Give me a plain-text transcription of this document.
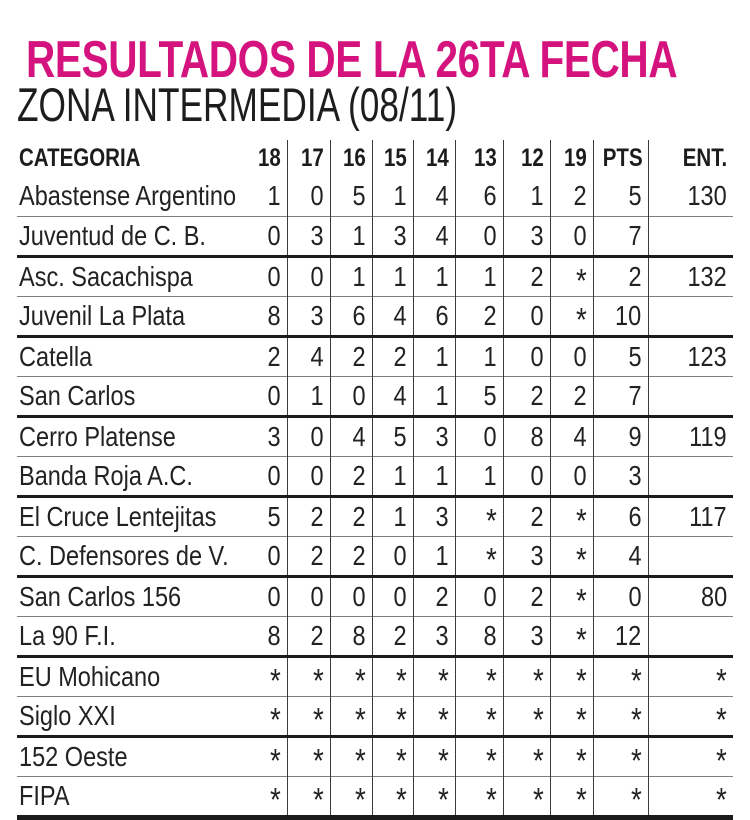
RESULTADOS DE LA 26TA FECHA
ZONA INTERMEDIA (08/11)
CATEGORIA	18	17	16	15	14	13	12	19	PTS	ENT.
Abastense Argentino	1	0	5	1	4	6	1	2	5	130
Juventud de C. B.	0	3	1	3	4	0	3	0	7	
Asc. Sacachispa	0	0	1	1	1	1	2	*	2	132
Juvenil La Plata	8	3	6	4	6	2	0	*	10	
Catella	2	4	2	2	1	1	0	0	5	123
San Carlos	0	1	0	4	1	5	2	2	7	
Cerro Platense	3	0	4	5	3	0	8	4	9	119
Banda Roja A.C.	0	0	2	1	1	1	0	0	3	
El Cruce Lentejitas	5	2	2	1	3	*	2	*	6	117
C. Defensores de V.	0	2	2	0	1	*	3	*	4	
San Carlos 156	0	0	0	0	2	0	2	*	0	80
La 90 F.I.	8	2	8	2	3	8	3	*	12	
EU Mohicano	*	*	*	*	*	*	*	*	*	*
Siglo XXI	*	*	*	*	*	*	*	*	*	*
152 Oeste	*	*	*	*	*	*	*	*	*	*
FIPA	*	*	*	*	*	*	*	*	*	*
